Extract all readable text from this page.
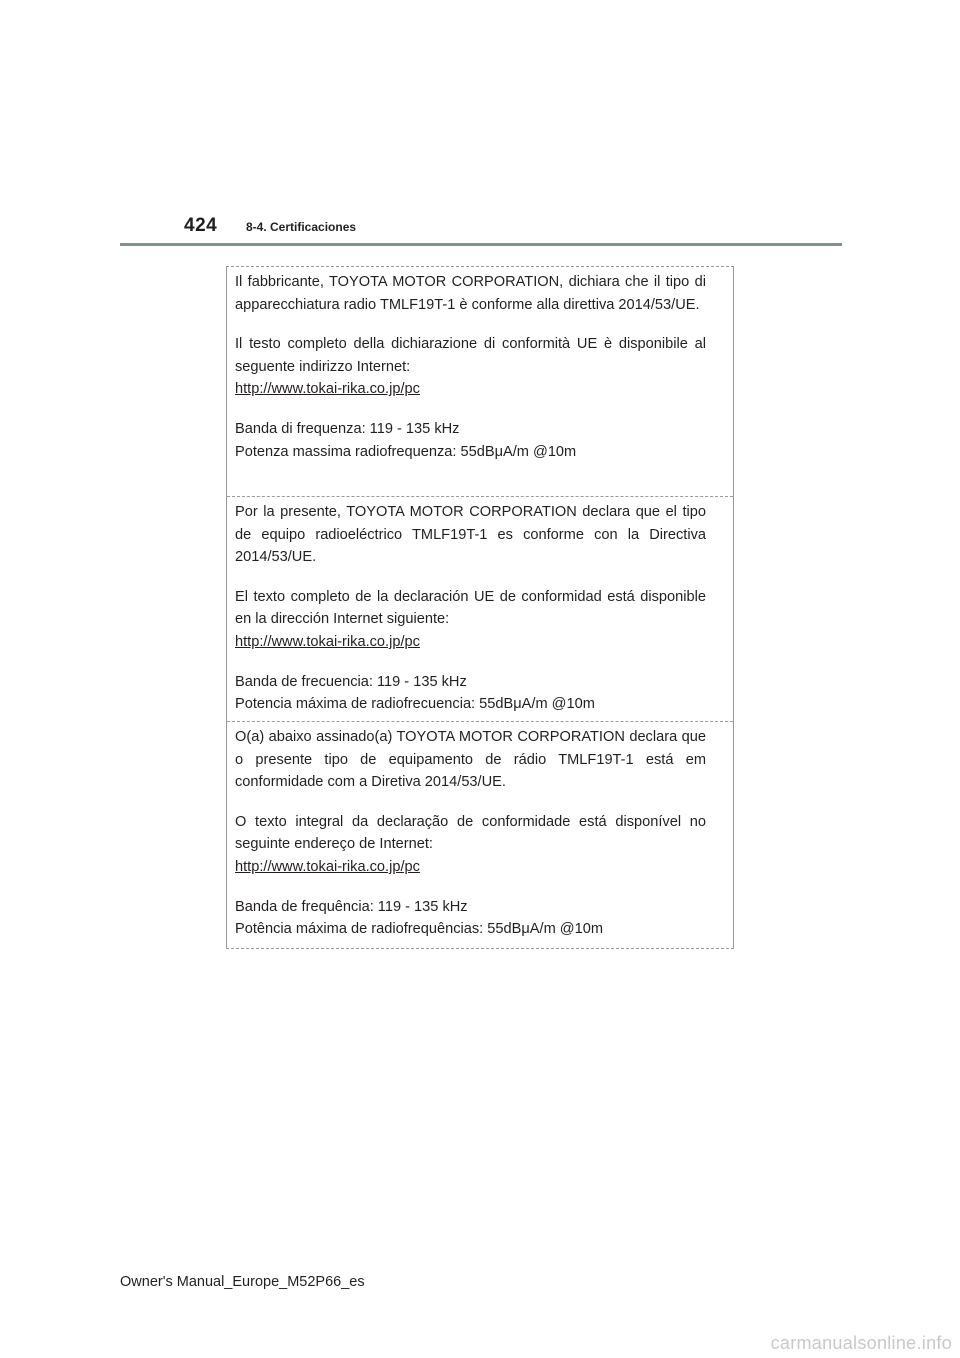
424 8-4. Certificaciones

Il fabbricante, TOYOTA MOTOR CORPORATION, dichiara che il tipo di apparecchiatura radio TMLF19T-1 è conforme alla direttiva 2014/53/UE.

Il testo completo della dichiarazione di conformità UE è disponibile al seguente indirizzo Internet:
http://www.tokai-rika.co.jp/pc

Banda di frequenza: 119 - 135 kHz
Potenza massima radiofrequenza: 55dBμA/m @10m

Por la presente, TOYOTA MOTOR CORPORATION declara que el tipo de equipo radioeléctrico TMLF19T-1 es conforme con la Directiva 2014/53/UE.

El texto completo de la declaración UE de conformidad está disponible en la dirección Internet siguiente:
http://www.tokai-rika.co.jp/pc

Banda de frecuencia: 119 - 135 kHz
Potencia máxima de radiofrecuencia: 55dBμA/m @10m

O(a) abaixo assinado(a) TOYOTA MOTOR CORPORATION declara que o presente tipo de equipamento de rádio TMLF19T-1 está em conformidade com a Diretiva 2014/53/UE.

O texto integral da declaração de conformidade está disponível no seguinte endereço de Internet:
http://www.tokai-rika.co.jp/pc

Banda de frequência: 119 - 135 kHz
Potência máxima de radiofrequências: 55dBμA/m @10m

Owner's Manual_Europe_M52P66_es
carmanualsonline.info
